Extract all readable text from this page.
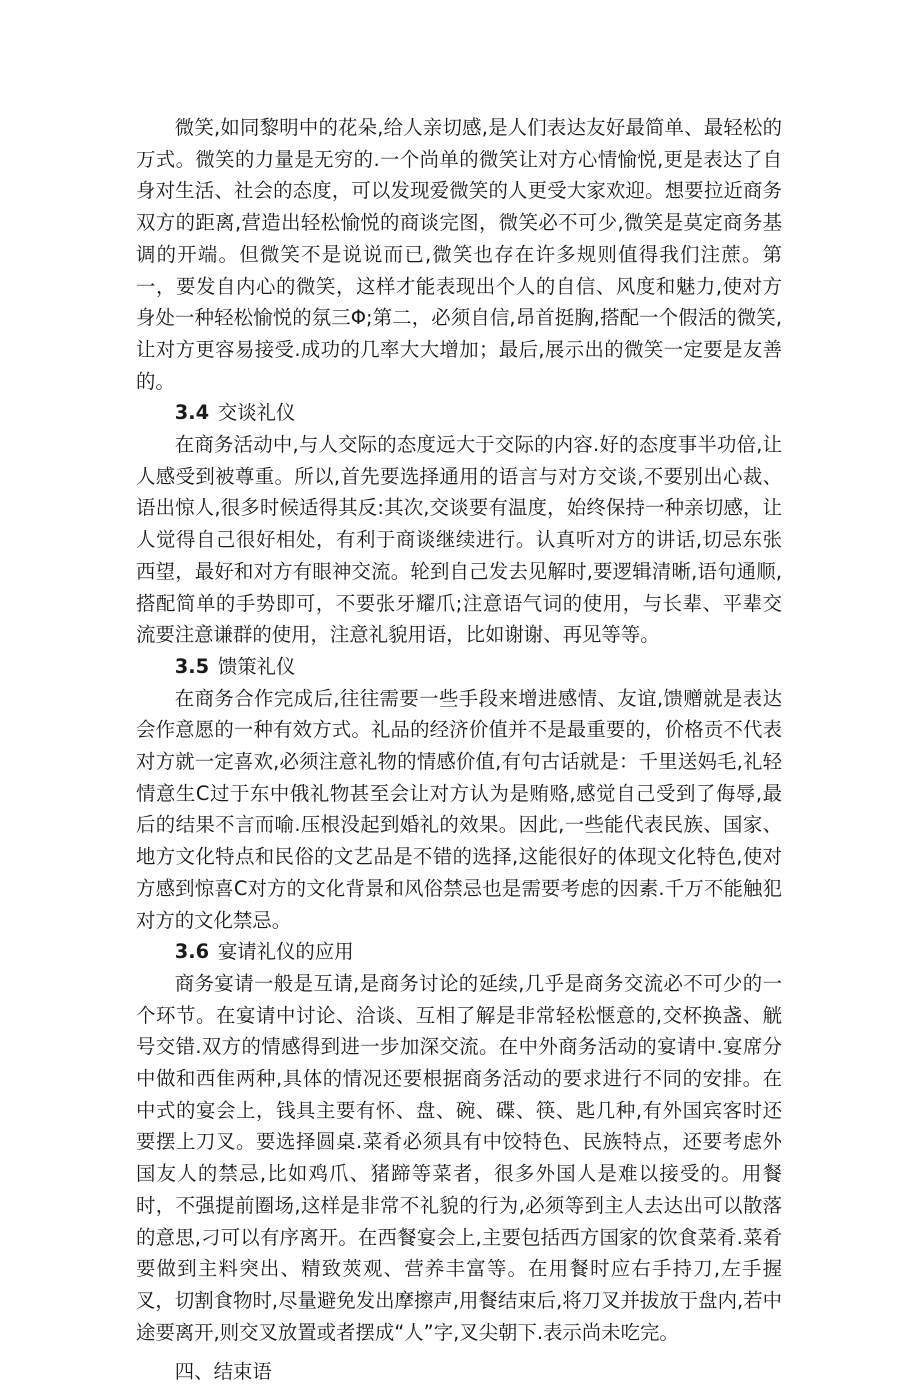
微笑,如同黎明中的花朵,给人亲切感,是人们表达友好最简单、最轻松的万式。微笑的力量是无穷的.一个尚单的微笑让对方心情愉悦,更是表达了自身对生活、社会的态度，可以发现爱微笑的人更受大家欢迎。想要拉近商务双方的距离,营造出轻松愉悦的商谈完图，微笑必不可少,微笑是莫定商务基调的开端。但微笑不是说说而已,微笑也存在许多规则值得我们注蔗。第一，要发自内心的微笑，这样才能表现出个人的自信、风度和魅力,使对方身处一种轻松愉悦的氛三Φ;第二，必须自信,昂首挺胸,搭配一个假活的微笑,让对方更容易接受.成功的几率大大增加；最后,展示出的微笑一定要是友善的。

3.4 交谈礼仪

在商务活动中,与人交际的态度远大于交际的内容.好的态度事半功倍,让人感受到被尊重。所以,首先要选择通用的语言与对方交谈,不要别出心裁、语出惊人,很多时候适得其反:其次,交谈要有温度，始终保持一种亲切感，让人觉得自己很好相处，有利于商谈继续进行。认真听对方的讲话,切忌东张西望，最好和对方有眼神交流。轮到自己发去见解时,要逻辑清晰,语句通顺,搭配简单的手势即可，不要张牙耀爪;注意语气词的使用，与长辈、平辈交流要注意谦群的使用，注意礼貌用语，比如谢谢、再见等等。

3.5 馈策礼仪

在商务合作完成后,往往需要一些手段来增进感情、友谊,馈赠就是表达会作意愿的一种有效方式。礼品的经济价值并不是最重要的，价格贡不代表对方就一定喜欢,必须注意礼物的情感价值,有句古话就是：千里送妈毛,礼轻情意生C过于东中俄礼物甚至会让对方认为是贿赂,感觉自己受到了侮辱,最后的结果不言而喻.压根没起到婚礼的效果。因此,一些能代表民族、国家、地方文化特点和民俗的文艺品是不错的选择,这能很好的体现文化特色,使对方感到惊喜C对方的文化背景和风俗禁忌也是需要考虑的因素.千万不能触犯对方的文化禁忌。

3.6 宴请礼仪的应用

商务宴请一般是互请,是商务讨论的延续,几乎是商务交流必不可少的一个环节。在宴请中讨论、洽谈、互相了解是非常轻松惬意的,交杯换盏、觥号交错.双方的情感得到进一步加深交流。在中外商务活动的宴请中.宴席分中做和西隹两种,具体的情况还要根据商务活动的要求进行不同的安排。在中式的宴会上，钱具主要有怀、盘、碗、碟、筷、匙几种,有外国宾客时还要摆上刀叉。要选择圆桌.菜肴必须具有中饺特色、民族特点，还要考虑外国友人的禁忌,比如鸡爪、猪蹄等菜者，很多外国人是难以接受的。用餐时，不强提前圈场,这样是非常不礼貌的行为,必须等到主人去达出可以散落的意思,刁可以有序离开。在西餐宴会上,主要包括西方国家的饮食菜肴.菜肴要做到主料突出、精致莢观、营养丰富等。在用餐时应右手持刀,左手握叉，切割食物时,尽量避免发出摩擦声,用餐结束后,将刀叉并拔放于盘内,若中途要离开,则交叉放置或者摆成“人”字,叉尖朝下.表示尚未吃完。

四、结束语
